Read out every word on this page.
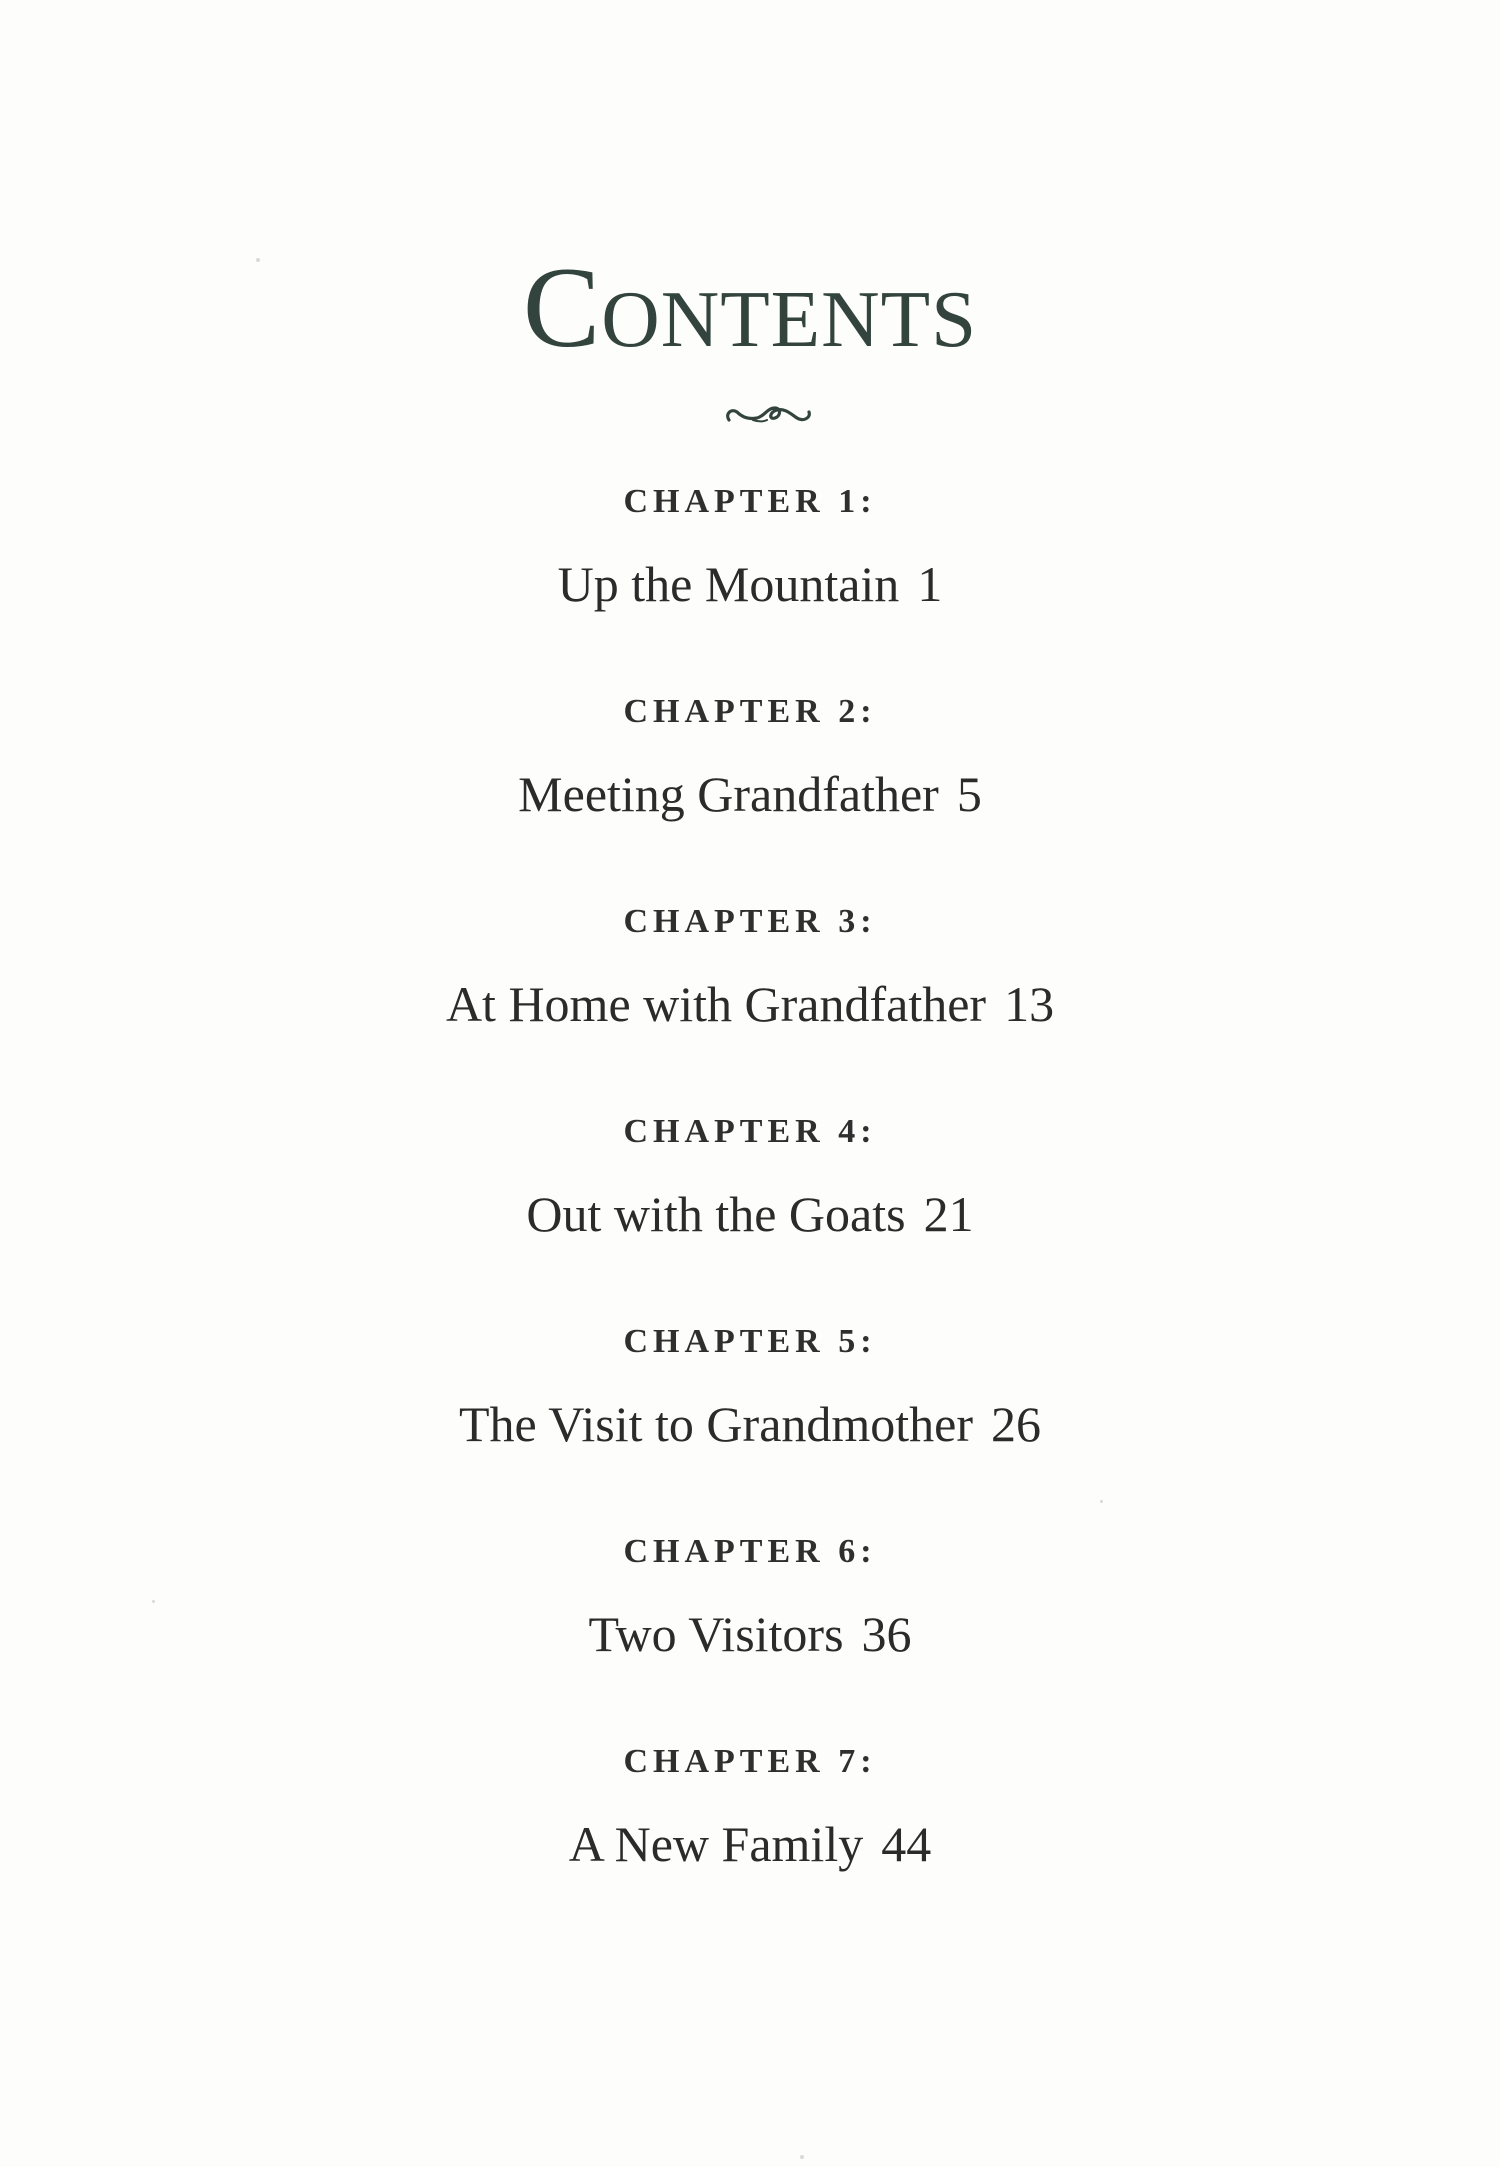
Contents
CHAPTER 1:
Up the Mountain 1
CHAPTER 2:
Meeting Grandfather 5
CHAPTER 3:
At Home with Grandfather 13
CHAPTER 4:
Out with the Goats 21
CHAPTER 5:
The Visit to Grandmother 26
CHAPTER 6:
Two Visitors 36
CHAPTER 7:
A New Family 44
